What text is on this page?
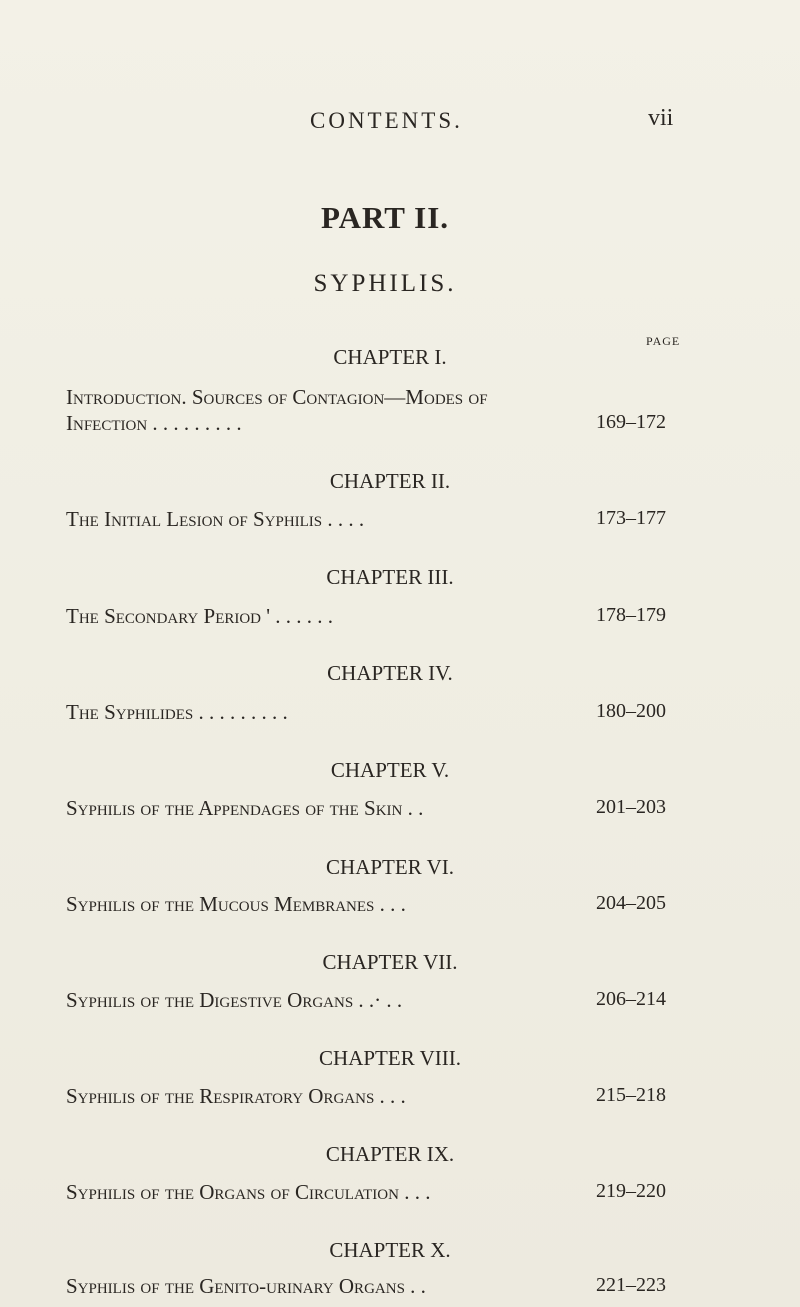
CONTENTS.	vii
PART II.
SYPHILIS.
PAGE
CHAPTER I.
Introduction. Sources of Contagion—Modes of
Infection . . . . . . . . .	169–172
CHAPTER II.
The Initial Lesion of Syphilis . . . .	173–177
CHAPTER III.
The Secondary Period ' . . . . . .	178–179
CHAPTER IV.
The Syphilides . . . . . . . . .	180–200
CHAPTER V.
Syphilis of the Appendages of the Skin . .	201–203
CHAPTER VI.
Syphilis of the Mucous Membranes . . .	204–205
CHAPTER VII.
Syphilis of the Digestive Organs . .· . .	206–214
CHAPTER VIII.
Syphilis of the Respiratory Organs . . .	215–218
CHAPTER IX.
Syphilis of the Organs of Circulation . . .	219–220
CHAPTER X.
Syphilis of the Genito-urinary Organs . .	221–223
